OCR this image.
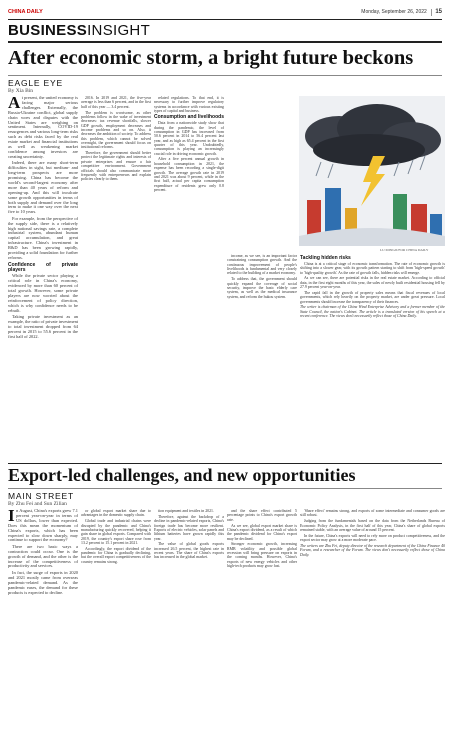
CHINA DAILY	Monday, September 26, 2022 15
BUSINESSINSIGHT
After economic storm, a bright future beckons
EAGLE EYE
By Xia Bin

At present, the united economy is facing major serious challenges. Externally, the Russia-Ukraine conflict, global supply chain woes and disputes with the United States are weighing on sentiment. Internally, COVID-19 resurgences and various long-term risks such as debt risks faced by the real estate market and financial institutions as well as weakening market confidence among investors are creating uncertainty.

Indeed, there are many short-term difficulties in sight, but medium- and long-term prospects are more promising. China has become the world's second-largest economy after more than 40 years of reform and opening-up. And this will inculcate some growth opportunities in terms of both supply and demand over the long term to make it one way over the next five to 10 years.

For example, from the perspective of the supply side, there is a relatively high national savings rate, a complete industrial system, abundant human capital accumulation, and great infrastructure. China's investment in R&D has been growing rapidly, providing a solid foundation for further reforms.

Confidence of private players

While the private sector playing a critical role in China's economy, evidenced by more than 60 percent of total growth. However, some private players are now worried about the reinforcement of policy direction, which is why confidence needs to be rebuilt.

Taking private investment as an example, the ratio of private investment to total investment dropped from 64 percent in 2015 to 55.6 percent in the first half of 2022.

2016. In 2019 and 2021, the five-year average is less than 6 percent, and in the first half of this year — 3.4 percent.

The problem is worrisome, as other problems follow in the wake of investment decreases: tax revenue shortfalls, slower GDP growth, employment decreases and income problems and so on. Also, it decreases the ambition of society. To address this problem, which cannot be solved overnight, the government should focus on institutional reforms.

Therefore, the government should better protect the legitimate rights and interests of private enterprises and ensure a fair competitive environment. Government officials should also communicate more frequently with entrepreneurs and explain policies clearly to them.

related regulations. To that end, it is necessary to further improve regulatory systems in accordance with various existing types of capital and business.

Consumption and livelihoods

Data from a nationwide study show that during the pandemic, the level of consumption in GDP has increased from 50.6 percent in 2014 to 56.4 percent last year, and as high as 65.4 percent in the first quarter of this year. Undoubtedly, consumption is playing an increasingly crucial role in driving economic growth.

After a five percent annual growth in household consumption in 2021, the expense has been recording a single-digit growth. The average growth rate in 2019 and 2021 was about 9 percent, while in the first half, actual per capita consumption expenditure of residents grew only 0.8 percent.

income, as we see, is an important factor constraining consumption growth. And the continuous improvement of people's livelihoods is fundamental and very closely related to the building of a market economy.

To address that, the government should quickly expand the coverage of social security, improve the basic elderly care system, as well as the medical insurance system, and reform the hukou system.

LU MINGJI/FOR CHINA DAILY
Tackling hidden risks

China is at a critical stage of economic transformation. The rate of economic growth is shifting into a slower gear, with its growth pattern starting to shift from 'high-speed growth' to 'high-quality growth'. As the rate of growth falls, hidden risks will emerge.

As we can see, there are potential risks in the real estate market. According to official data, in the first eight months of this year, the sales of newly built residential housing fell by 27.9 percent year-on-year.

The rapid fall in the growth of property sales means that fiscal revenues of local governments, which rely heavily on the property market, are under great pressure. Local governments should increase the transparency of their finances.

The writer is chairman of the China Wind Enterprise Advisory and a former member of the State Council, the nation's Cabinet. The article is a translated version of his speech at a recent conference. The views don't necessarily reflect those of China Daily.

Export-led challenges, and new opportunities
MAIN STREET
By Zhu Fei and Sun Zilian

In August, China's exports grew 7.1 percent year-on-year in terms of US dollars, lower than expected. Does this mean the momentum of China's exports, which has been expected to slow down sharply, may continue to support the economy?

There are two basic ways a contraction could occur. One is the growth of demand, and the other is the increase of the competitiveness of productivity and services.

In fact, the surge of exports in 2020 and 2021 mostly came from overseas pandemic-related demand. As the pandemic eases, the demand for these products is expected to decline.

or global export market share due to advantages in the domestic supply chain.

Global trade and industrial chains were disrupted by the pandemic and China's manufacturing quickly recovered, helping it gain share in global exports. Compared with 2019, the country's export share rose from 13.2 percent to 15.1 percent in 2021.

Accordingly, the export dividend of the pandemic for China is gradually declining, but the overall export competitiveness of the country remains strong.

tion equipment and textiles in 2021.

Therefore, against the backdrop of a decline in pandemic-related exports, China's foreign trade has become more resilient. Exports of electric vehicles, solar panels and lithium batteries have grown rapidly this year.

The value of global goods exports increased 26.5 percent, the highest rate in recent years. The share of China's exports has increased in the global market.

and the share effect contributed 5 percentage points to China's export growth rate.

As we see, global export market share is China's export dividend, as a result of which the pandemic dividend for China's export may be declined.

Stronger economic growth, increasing RMB volatility and possible global recession will bring pressure on exports in the coming months. However, China's exports of new energy vehicles and other high-tech products may grow fast.

'Share effect' remains strong, and exports of some intermediate and consumer goods are still robust.

Judging from the fundamentals based on the data from the Netherlands Bureau of Economic Policy Analysis, in the first half of this year, China's share of global exports remained stable, with an average value of around 15 percent.

In the future, China's exports will need to rely more on product competitiveness, and the export sector may grow at a more moderate pace.

The writers are Zhu Fei, deputy director of the research department of the China Finance 40 Forum, and a researcher of the Forum. The views don't necessarily reflect those of China Daily.
